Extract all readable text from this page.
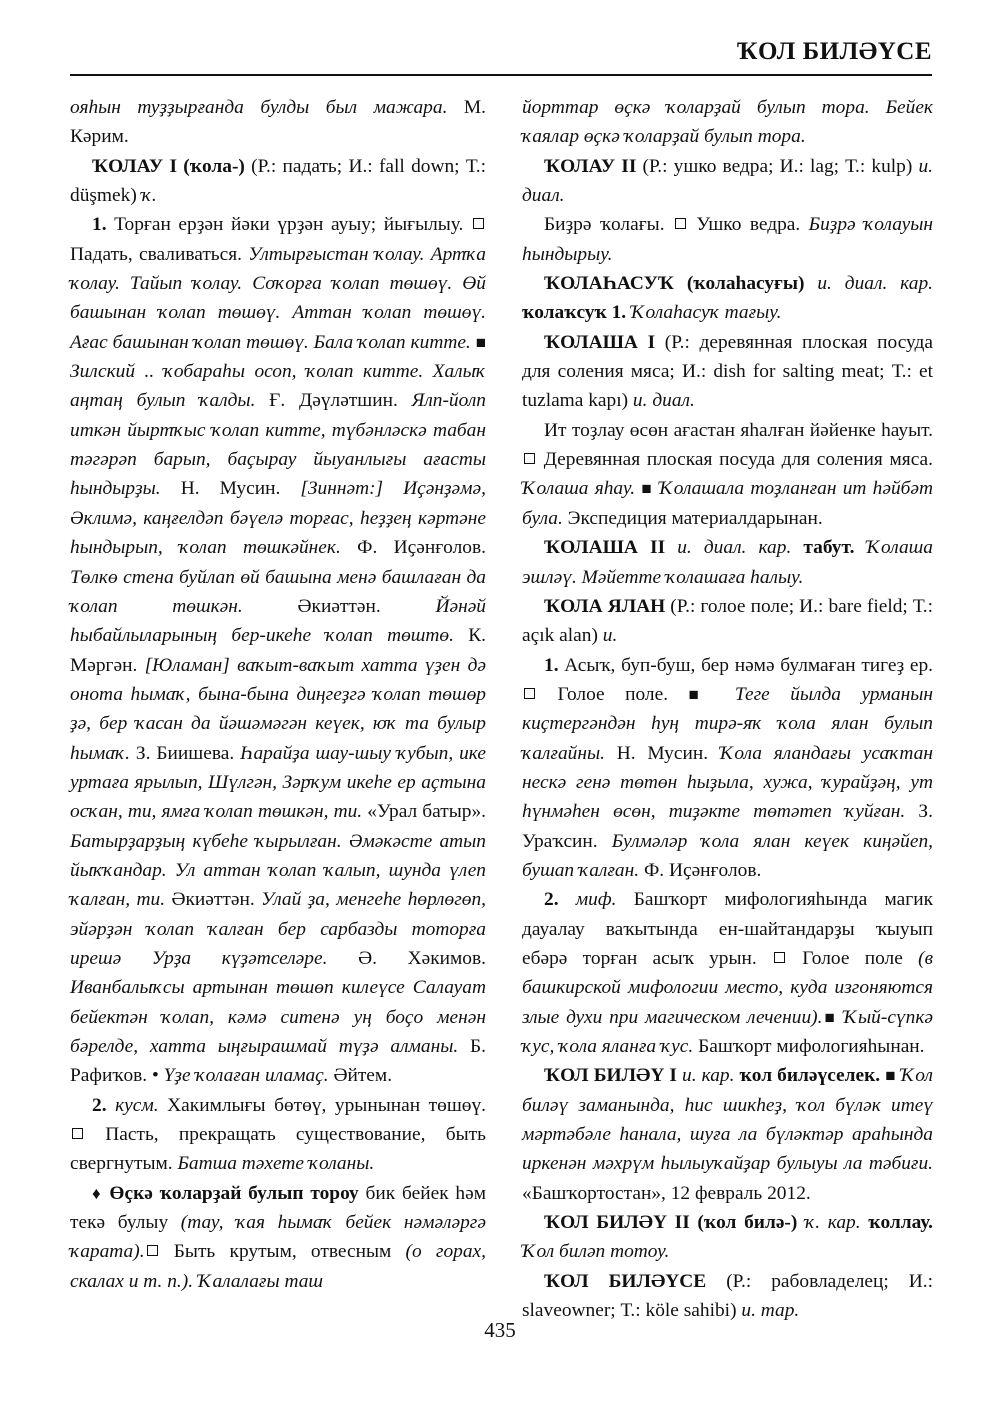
ҠОЛ БИЛӘҮСЕ

ояһын туҙҙырғанда булды был мажара. М. Кәрим.

ҠОЛАУ І (ҡола-) (Р.: падать; И.: fall down; Т.: düşmek) ҡ.

1. Торған ерҙән йәки үрҙән ауыу; йығылыу.  Падать, сваливаться. Ултырғыстан ҡолау. Артҡа ҡолау. Тайып ҡолау. Соҡорға ҡолап төшөү. Өй башынан ҡолап төшөү. Аттан ҡолап төшөү. Ағас башынан ҡолап төшөү. Бала ҡолап китте. ■ Зилский .. ҡобараһы осоп, ҡолап китте. Халыҡ аңтаң булып ҡалды. Ғ. Дәүләтшин. Ялп-йолп иткән йыртҡыс ҡолап китте, түбәнләскә табан тәгәрәп барып, баҫырау йыуанлығы ағасты һындырҙы. Н. Мусин. [Зиннәт:] Иҫәнҙәмә, Әклимә, каңғелдәп бәүелә торғас, һеҙҙең кәртәне һындырып, ҡолап төшкәйнек. Ф. Иҫәнғолов. Төлкө стена буйлап өй башына менә башлаған да ҡолап төшкән. Әкиәттән. Йәнәй һыбайлыларының бер-икеһе ҡолап төштө. К. Мәргән. [Юламан] ваҡыт-ваҡыт хатта үҙен дә онота һымаҡ, бына-бына диңгеҙгә ҡолап төшөр ҙә, бер ҡасан да йәшәмәгән кеүек, юҡ та булыр һымаҡ. З. Биишева. Һарайҙа шау-шыу ҡубып, ике уртаға ярылып, Шүлгән, Зәрҡум икеһе ер аҫтына осҡан, ти, ямға ҡолап төшкән, ти. «Урал батыр». Батырҙарҙың күбеһе ҡырылған. Әмәкәсте атып йыҡҡандар. Ул аттан ҡолап ҡалып, шунда үлеп ҡалған, ти. Әкиәттән. Улай ҙа, менгеһе һөрлөгөп, эйәрҙән ҡолап ҡалған бер сарбазды тоторға ирешә Урҙа күҙәтселәре. Ә. Хәкимов. Иванбалыҡсы артынан төшөп килеүсе Салауат бейектән ҡолап, кәмә ситенә уң боҫо менән бәрелде, хатта ыңғырашмай түҙә алманы. Б. Рафиҡов. • Үҙе ҡолаған иламаҫ. Әйтем.

2. кусм. Хакимлығы бөтөү, урынынан төшөү.  Пасть, прекращать существование, быть свергнутым. Батша тәхете ҡоланы.

♦ Өҫкә ҡоларҙай булып тороу бик бейек һәм текә булыу (тау, ҡая һымаҡ бейек нәмәләргә ҡарата). Быть крутым, отвесным (о горах, скалах и т. п.). Ҡалалағы таш

йорттар өҫкә ҡоларҙай булып тора. Бейек ҡаялар өҫкә ҡоларҙай булып тора.

ҠОЛАУ ІІ (Р.: ушко ведра; И.: lag; Т.: kulp) и. диал.

Биҙрә ҡолағы.  Ушко ведра. Биҙрә ҡолауын һындырыу.

ҠОЛАҺАСУҠ (ҡолаһасуғы) и. диал. кар. ҡолаҡсуҡ 1. Ҡолаһасуҡ тағыу.

ҠОЛАША І (Р.: деревянная плоская посуда для соления мяса; И.: dish for salting meat; Т.: et tuzlama kapı) и. диал.

Ит тоҙлау өсөн ағастан яһалған йәйенке һауыт.  Деревянная плоская посуда для соления мяса. Ҡолаша яһау. ■ Ҡолашала тоҙланған ит һәйбәт була. Экспедиция материалдарынан.

ҠОЛАША ІІ и. диал. кар. табут. Ҡолаша эшләү. Мәйетте ҡолашаға һалыу.

ҠОЛА ЯЛАН (Р.: голое поле; И.: bare field; Т.: açık alan) и.

1. Асыҡ, буп-буш, бер нәмә булмаған тигеҙ ер.  Голое поле. ■ Теге йылда урманын киҫтергәндән һуң тирә-яҡ ҡола ялан булып ҡалғайны. Н. Мусин. Ҡола яландағы усаҡтан нескә генә төтөн һыҙыла, хужа, ҡурайҙәң, ут һүнмәһен өсөн, тиҙәкте төтәтеп ҡуйған. З. Ураҡсин. Булмәләр ҡола ялан кеүек киңәйеп, бушап ҡалған. Ф. Иҫәнғолов.

2. миф. Башҡорт мифологияһында магик дауалау ваҡытында ен-шайтандарҙы ҡыуып ебәрә торған асыҡ урын.  Голое поле (в башкирской мифологии место, куда изгоняются злые духи при магическом лечении).■ Ҡый-сүпкә ҡус, ҡола яланға ҡус. Башҡорт мифологияһынан.

ҠОЛ БИЛӘҮ І и. кар. ҡол биләүселек. ■ Ҡол биләү заманында, һис шикһеҙ, ҡол бүләк итеү мәртәбәле һанала, шуға ла бүләктәр араһында иркенән мәхрүм һылыуҡайҙар булыуы ла тәбиғи. «Башҡортостан», 12 февраль 2012.

ҠОЛ БИЛӘҮ ІІ (ҡол билә-) ҡ. кар. ҡоллау. Ҡол биләп тотоу.

ҠОЛ БИЛӘҮСЕ (Р.: рабовладелец; И.: slaveowner; Т.: köle sahibi) и. тар.

435
